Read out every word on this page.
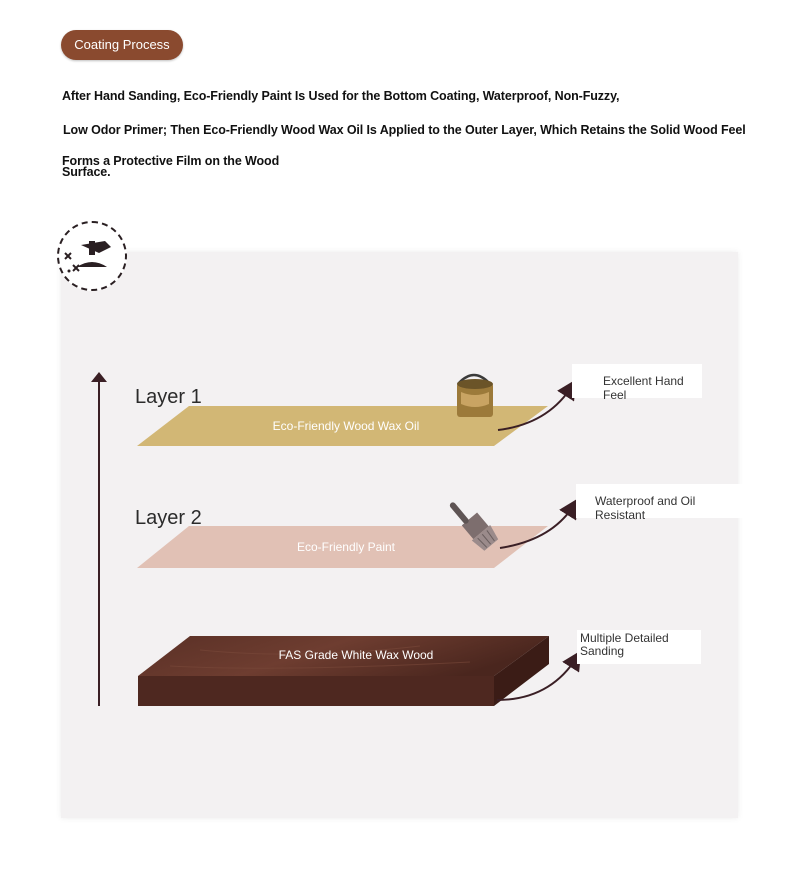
Coating Process
After Hand Sanding, Eco-Friendly Paint Is Used for the Bottom Coating, Waterproof, Non-Fuzzy,
Low Odor Primer; Then Eco-Friendly Wood Wax Oil Is Applied to the Outer Layer, Which Retains the Solid Wood Feel
Forms a Protective Film on the Wood
Surface.
Layer 1
Layer 2
Eco-Friendly Wood Wax Oil
Eco-Friendly Paint
FAS Grade White Wax Wood
Excellent Hand Feel
Waterproof and Oil Resistant
Multiple Detailed Sanding
